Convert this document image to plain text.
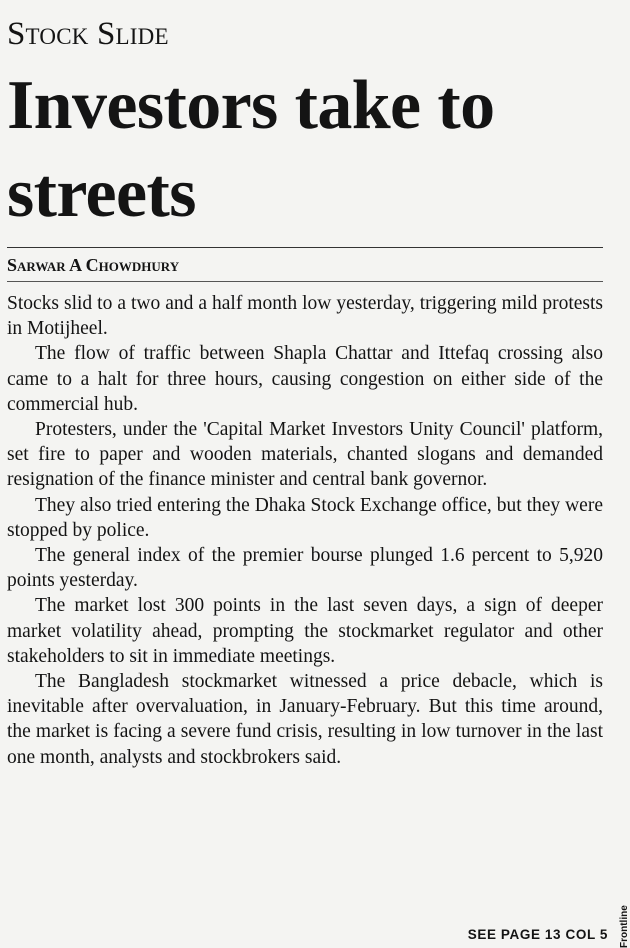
Stock Slide
Investors take to streets
Sarwar A Chowdhury

Stocks slid to a two and a half month low yesterday, triggering mild protests in Motijheel.

The flow of traffic between Shapla Chattar and Ittefaq crossing also came to a halt for three hours, causing congestion on either side of the commercial hub.

Protesters, under the 'Capital Market Investors Unity Council' platform, set fire to paper and wooden materials, chanted slogans and demanded resignation of the finance minister and central bank governor.

They also tried entering the Dhaka Stock Exchange office, but they were stopped by police.

The general index of the premier bourse plunged 1.6 percent to 5,920 points yesterday.

The market lost 300 points in the last seven days, a sign of deeper market volatility ahead, prompting the stockmarket regulator and other stakeholders to sit in immediate meetings.

The Bangladesh stockmarket witnessed a price debacle, which is inevitable after overvaluation, in January-February. But this time around, the market is facing a severe fund crisis, resulting in low turnover in the last one month, analysts and stockbrokers said.

SEE PAGE 13 COL 5 Frontline
